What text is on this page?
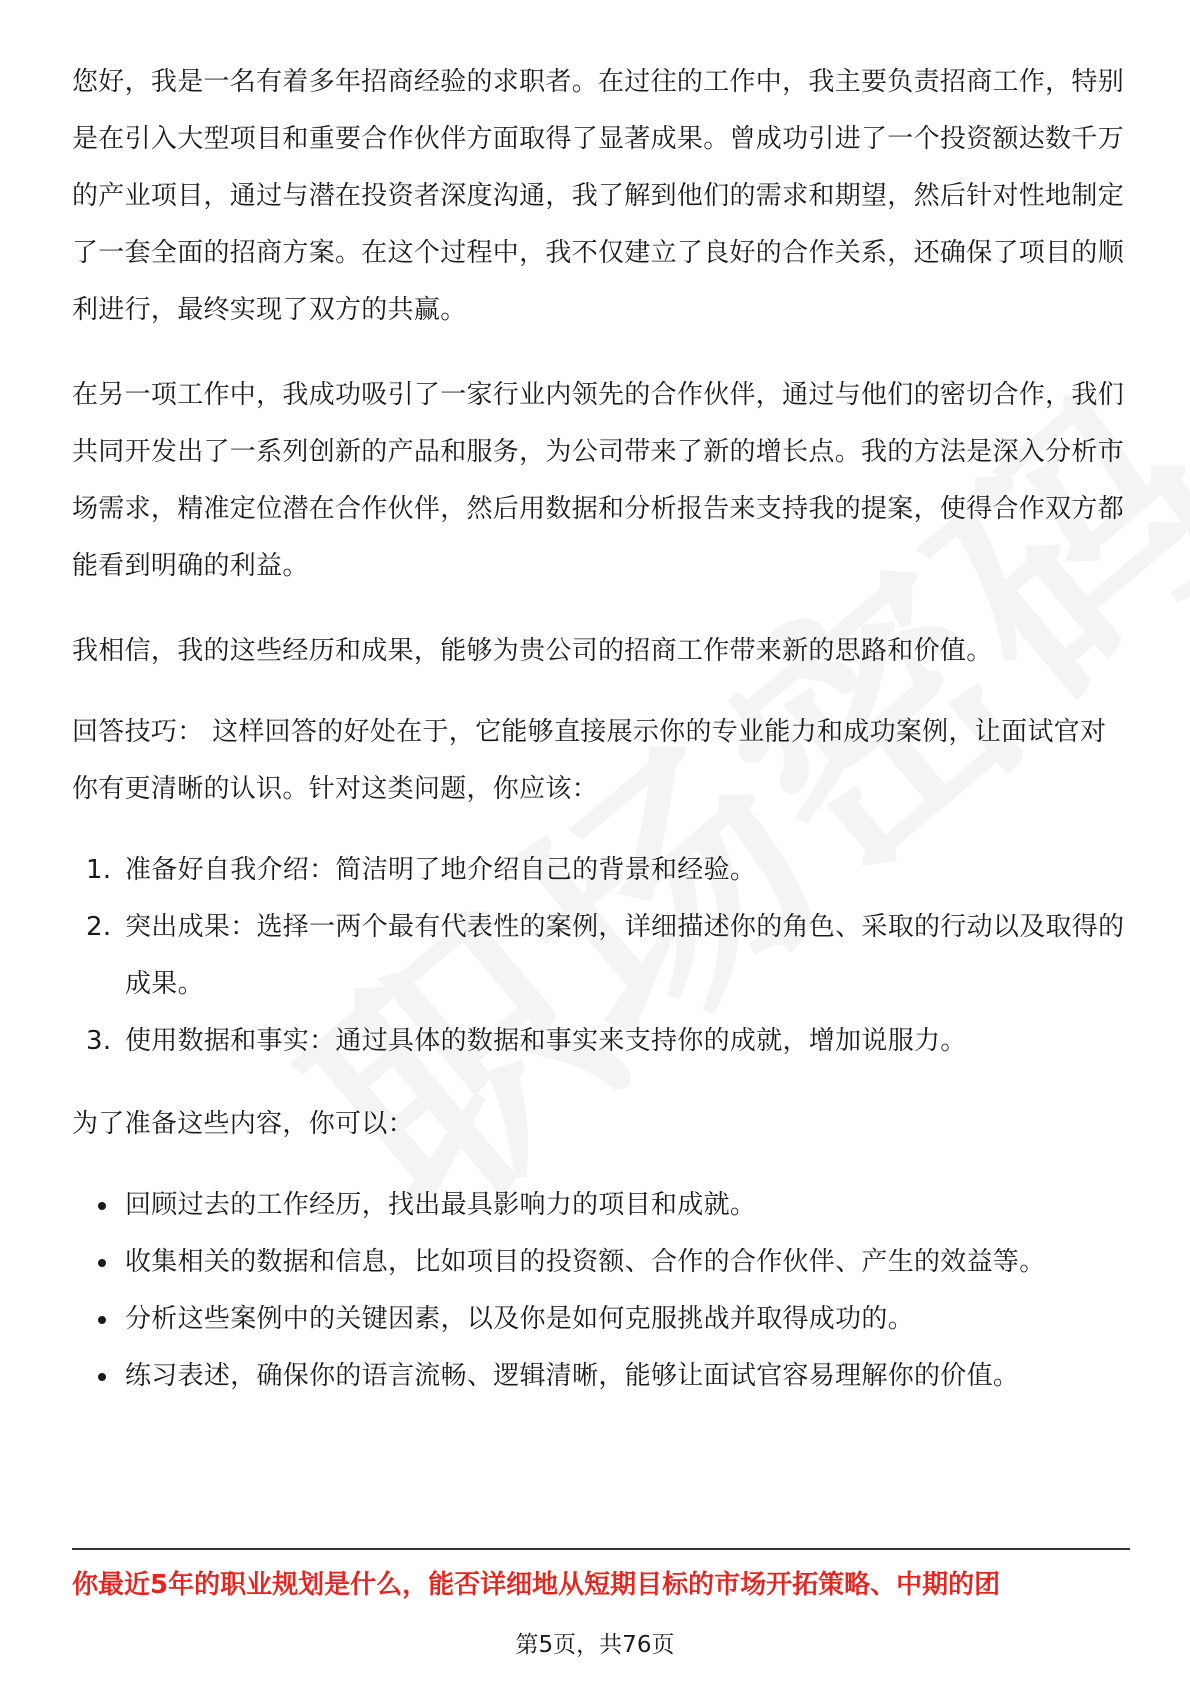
您好，我是一名有着多年招商经验的求职者。在过往的工作中，我主要负责招商工作，特别是在引入大型项目和重要合作伙伴方面取得了显著成果。曾成功引进了一个投资额达数千万的产业项目，通过与潜在投资者深度沟通，我了解到他们的需求和期望，然后针对性地制定了一套全面的招商方案。在这个过程中，我不仅建立了良好的合作关系，还确保了项目的顺利进行，最终实现了双方的共赢。

在另一项工作中，我成功吸引了一家行业内领先的合作伙伴，通过与他们的密切合作，我们共同开发出了一系列创新的产品和服务，为公司带来了新的增长点。我的方法是深入分析市场需求，精准定位潜在合作伙伴，然后用数据和分析报告来支持我的提案，使得合作双方都能看到明确的利益。

我相信，我的这些经历和成果，能够为贵公司的招商工作带来新的思路和价值。

回答技巧： 这样回答的好处在于，它能够直接展示你的专业能力和成功案例，让面试官对你有更清晰的认识。针对这类问题，你应该：

1. 准备好自我介绍：简洁明了地介绍自己的背景和经验。
2. 突出成果：选择一两个最有代表性的案例，详细描述你的角色、采取的行动以及取得的成果。
3. 使用数据和事实：通过具体的数据和事实来支持你的成就，增加说服力。

为了准备这些内容，你可以：

回顾过去的工作经历，找出最具影响力的项目和成就。
收集相关的数据和信息，比如项目的投资额、合作的合作伙伴、产生的效益等。
分析这些案例中的关键因素，以及你是如何克服挑战并取得成功的。
练习表述，确保你的语言流畅、逻辑清晰，能够让面试官容易理解你的价值。
你最近5年的职业规划是什么，能否详细地从短期目标的市场开拓策略、中期的团
第5页，共76页
